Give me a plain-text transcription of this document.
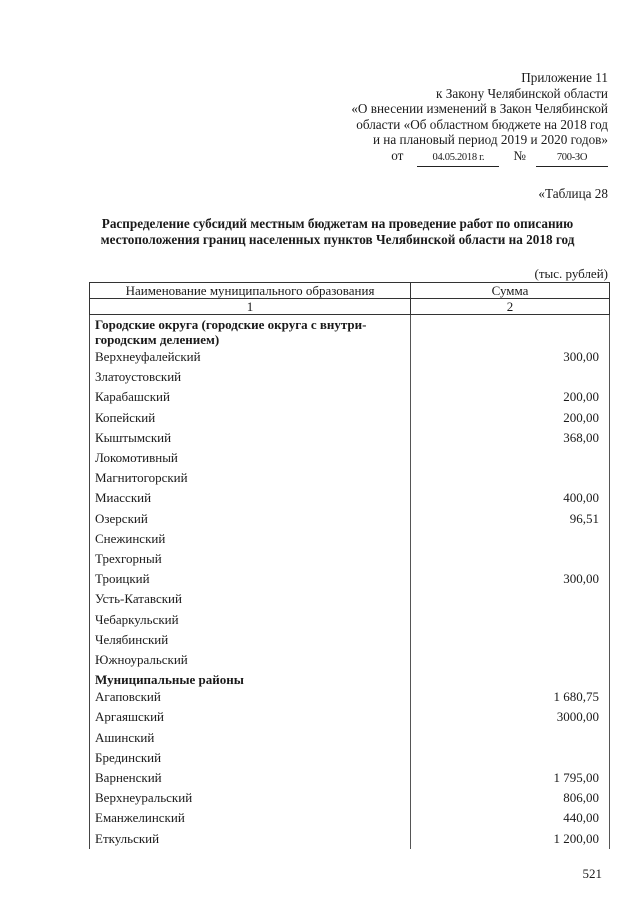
Приложение 11
к Закону Челябинской области
«О внесении изменений в Закон Челябинской
области «Об областном бюджете на 2018 год
и на плановый период 2019 и 2020 годов»
от	04.05.2018 г. №	700-ЗО
«Таблица 28
Распределение субсидий местным бюджетам на проведение работ по описанию местоположения границ населенных пунктов Челябинской области на 2018 год
(тыс. рублей)
Наименование муниципального образования	Сумма
1	2
Городские округа (городские округа с внутри-городским делением)	
Верхнеуфалейский	300,00
Златоустовский	
Карабашский	200,00
Копейский	200,00
Кыштымский	368,00
Локомотивный	
Магнитогорский	
Миасский	400,00
Озерский	96,51
Снежинский	
Трехгорный	
Троицкий	300,00
Усть-Катавский	
Чебаркульский	
Челябинский	
Южноуральский	
Муниципальные районы	
Агаповский	1 680,75
Аргаяшский	3000,00
Ашинский	
Брединский	
Варненский	1 795,00
Верхнеуральский	806,00
Еманжелинский	440,00
Еткульский	1 200,00
521
